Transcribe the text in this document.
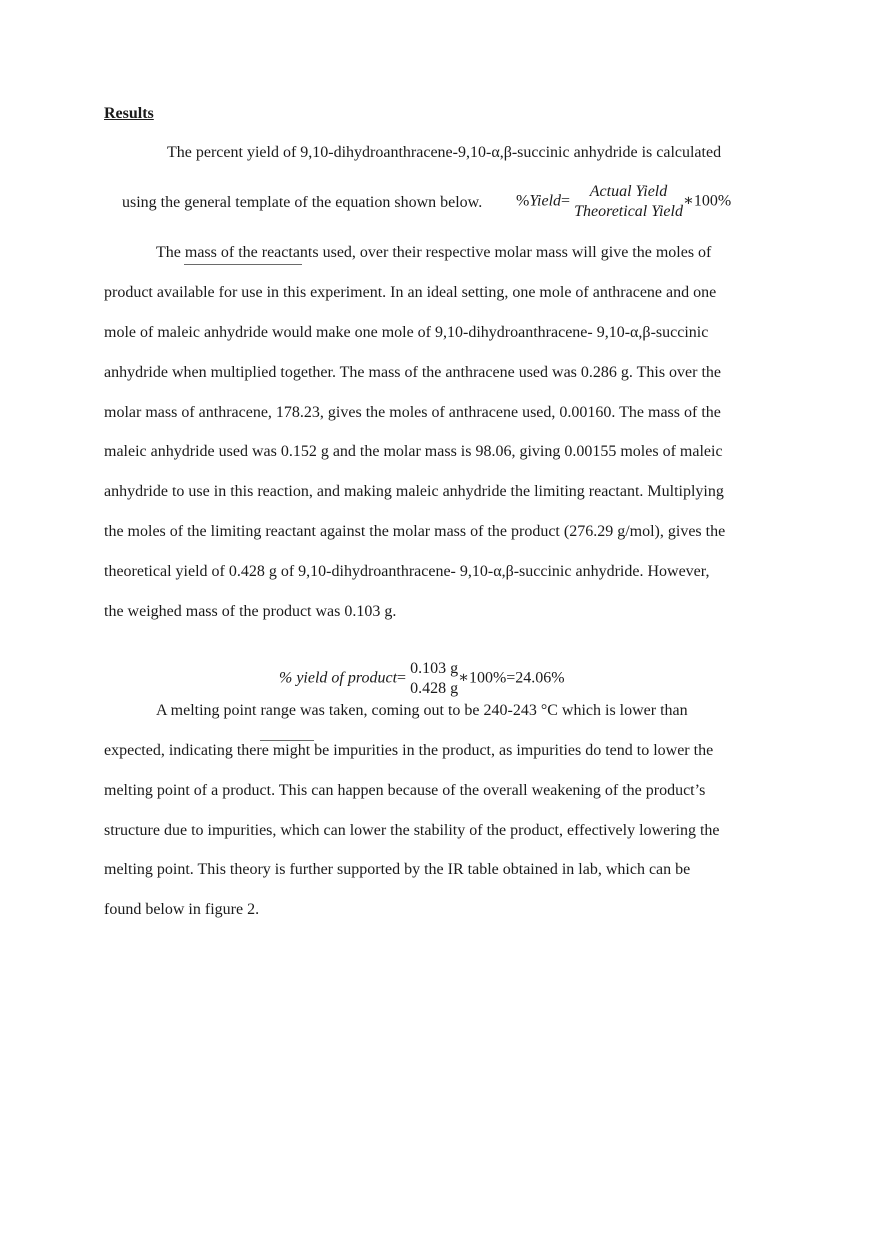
Results
The percent yield of 9,10-dihydroanthracene-9,10-α,β-succinic anhydride is calculated
using the general template of the equation shown below. %Yield=
Actual Yield
Theoretical Yield
∗100%
The mass of the reactants used, over their respective molar mass will give the moles of
product available for use in this experiment. In an ideal setting, one mole of anthracene and one
mole of maleic anhydride would make one mole of 9,10-dihydroanthracene- 9,10-α,β-succinic
anhydride when multiplied together. The mass of the anthracene used was 0.286 g. This over the
molar mass of anthracene, 178.23, gives the moles of anthracene used, 0.00160. The mass of the
maleic anhydride used was 0.152 g and the molar mass is 98.06, giving 0.00155 moles of maleic
anhydride to use in this reaction, and making maleic anhydride the limiting reactant. Multiplying
the moles of the limiting reactant against the molar mass of the product (276.29 g/mol), gives the
theoretical yield of 0.428 g of 9,10-dihydroanthracene- 9,10-α,β-succinic anhydride. However,
the weighed mass of the product was 0.103 g.
% yield of product=
0.103 g
0.428 g
∗100%=24.06%
A melting point range was taken, coming out to be 240-243 °C which is lower than
expected, indicating there might be impurities in the product, as impurities do tend to lower the
melting point of a product. This can happen because of the overall weakening of the product’s
structure due to impurities, which can lower the stability of the product, effectively lowering the
melting point. This theory is further supported by the IR table obtained in lab, which can be
found below in figure 2.
